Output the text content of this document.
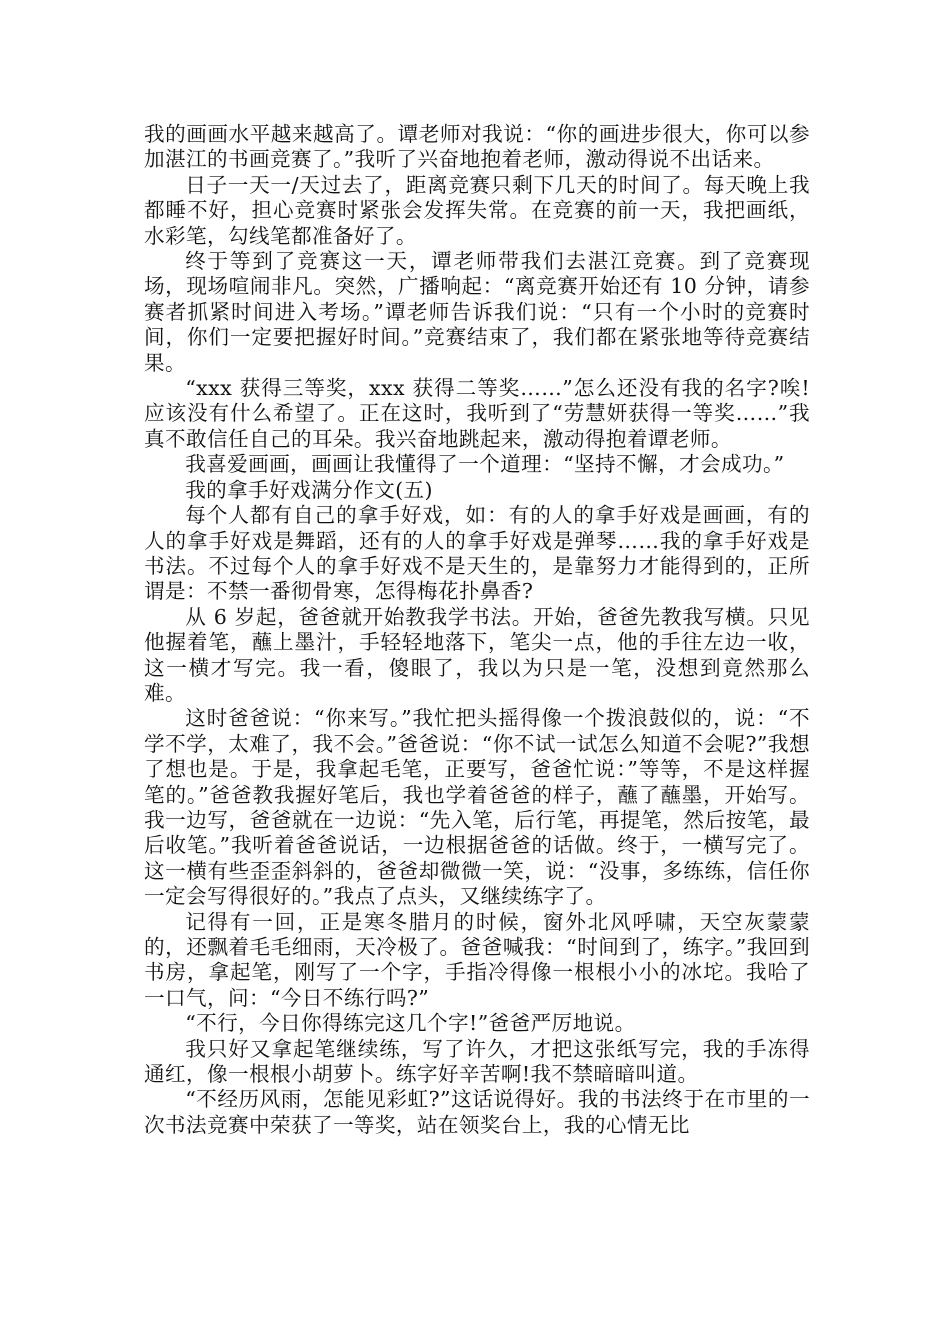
我的画画水平越来越高了。谭老师对我说：“你的画进步很大，你可以参加湛江的书画竞赛了。”我听了兴奋地抱着老师，激动得说不出话来。

日子一天一/天过去了，距离竞赛只剩下几天的时间了。每天晚上我都睡不好，担心竞赛时紧张会发挥失常。在竞赛的前一天，我把画纸，水彩笔，勾线笔都准备好了。

终于等到了竞赛这一天，谭老师带我们去湛江竞赛。到了竞赛现场，现场喧闹非凡。突然，广播响起：“离竞赛开始还有 10 分钟，请参赛者抓紧时间进入考场。”谭老师告诉我们说：“只有一个小时的竞赛时间，你们一定要把握好时间。”竞赛结束了，我们都在紧张地等待竞赛结果。

“xxx 获得三等奖，xxx 获得二等奖……”怎么还没有我的名字?唉!应该没有什么希望了。正在这时，我听到了“劳慧妍获得一等奖……”我真不敢信任自己的耳朵。我兴奋地跳起来，激动得抱着谭老师。

我喜爱画画，画画让我懂得了一个道理：“坚持不懈，才会成功。”

我的拿手好戏满分作文(五)

每个人都有自己的拿手好戏，如：有的人的拿手好戏是画画，有的人的拿手好戏是舞蹈，还有的人的拿手好戏是弹琴……我的拿手好戏是书法。不过每个人的拿手好戏不是天生的，是靠努力才能得到的，正所谓是：不禁一番彻骨寒，怎得梅花扑鼻香?

从 6 岁起，爸爸就开始教我学书法。开始，爸爸先教我写横。只见他握着笔，蘸上墨汁，手轻轻地落下，笔尖一点，他的手往左边一收，这一横才写完。我一看，傻眼了，我以为只是一笔，没想到竟然那么难。

这时爸爸说：“你来写。”我忙把头摇得像一个拨浪鼓似的，说：“不学不学，太难了，我不会。”爸爸说：“你不试一试怎么知道不会呢?”我想了想也是。于是，我拿起毛笔，正要写，爸爸忙说：”等等，不是这样握笔的。”爸爸教我握好笔后，我也学着爸爸的样子，蘸了蘸墨，开始写。我一边写，爸爸就在一边说：“先入笔，后行笔，再提笔，然后按笔，最后收笔。”我听着爸爸说话，一边根据爸爸的话做。终于，一横写完了。这一横有些歪歪斜斜的，爸爸却微微一笑，说：“没事，多练练，信任你一定会写得很好的。”我点了点头，又继续练字了。

记得有一回，正是寒冬腊月的时候，窗外北风呼啸，天空灰蒙蒙的，还飘着毛毛细雨，天冷极了。爸爸喊我：“时间到了，练字。”我回到书房，拿起笔，刚写了一个字，手指冷得像一根根小小的冰坨。我哈了一口气，问：“今日不练行吗?”

“不行，今日你得练完这几个字!”爸爸严厉地说。

我只好又拿起笔继续练，写了许久，才把这张纸写完，我的手冻得通红，像一根根小胡萝卜。练字好辛苦啊!我不禁暗暗叫道。

“不经历风雨，怎能见彩虹?”这话说得好。我的书法终于在市里的一次书法竞赛中荣获了一等奖，站在领奖台上，我的心情无比
